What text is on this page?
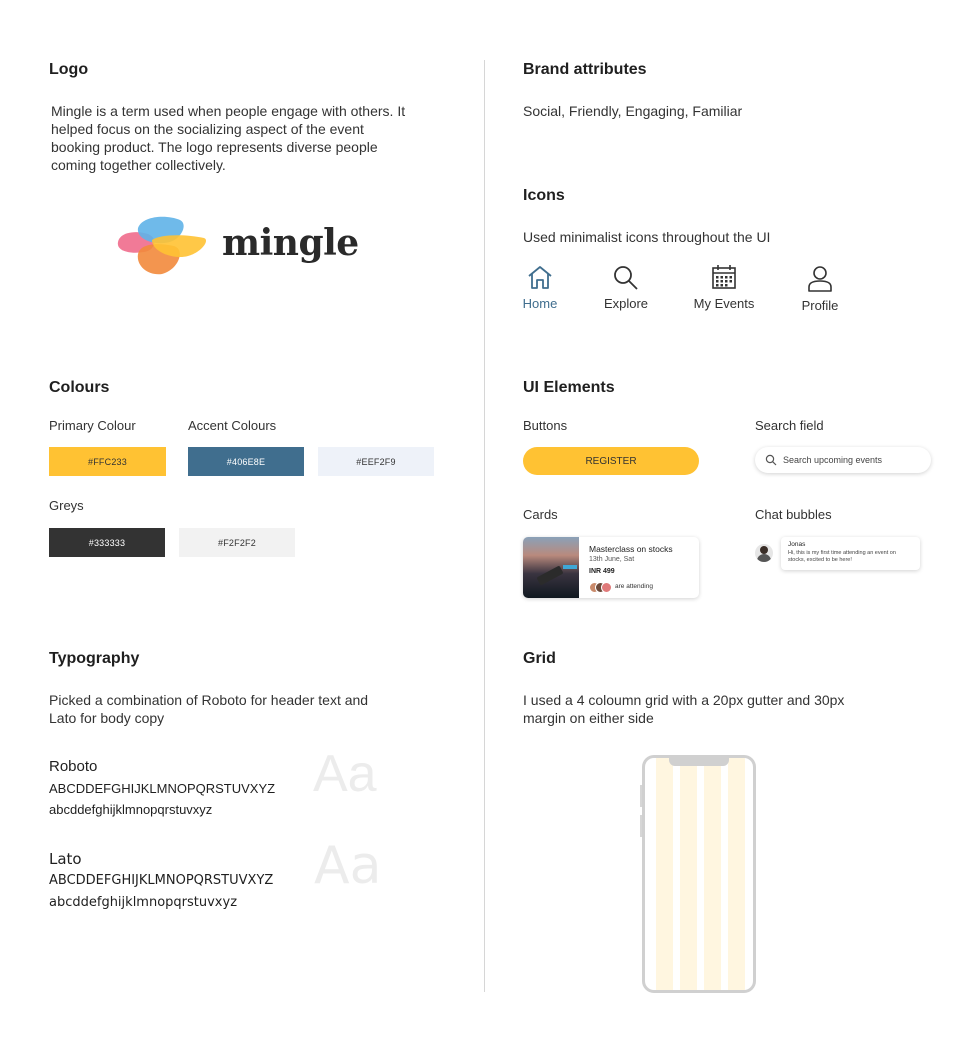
Logo
Mingle is a term used when people engage with others. It helped focus on the socializing aspect of the event booking product. The logo represents diverse people coming together collectively.
mingle
Brand attributes
Social, Friendly, Engaging, Familiar
Icons
Used minimalist icons throughout the UI
Home	Explore	My Events	Profile
Colours
Primary Colour	Accent Colours
#FFC233	#406E8E	#EEF2F9
Greys
#333333	#F2F2F2
UI Elements
Buttons
REGISTER
Search field
Search upcoming events
Cards
Masterclass on stocks
13th June, Sat
INR 499
are attending
Chat bubbles
Jonas
Hi, this is my first time attending an event on stocks, excited to be here!
Typography
Picked a combination of Roboto for header text and Lato for body copy
Roboto
ABCDDEFGHIJKLMNOPQRSTUVXYZ
abcddefghijklmnopqrstuvxyz
Aa
Lato
ABCDDEFGHIJKLMNOPQRSTUVXYZ
abcddefghijklmnopqrstuvxyz
Aa
Grid
I used a 4 coloumn grid with a 20px gutter and 30px margin on either side
